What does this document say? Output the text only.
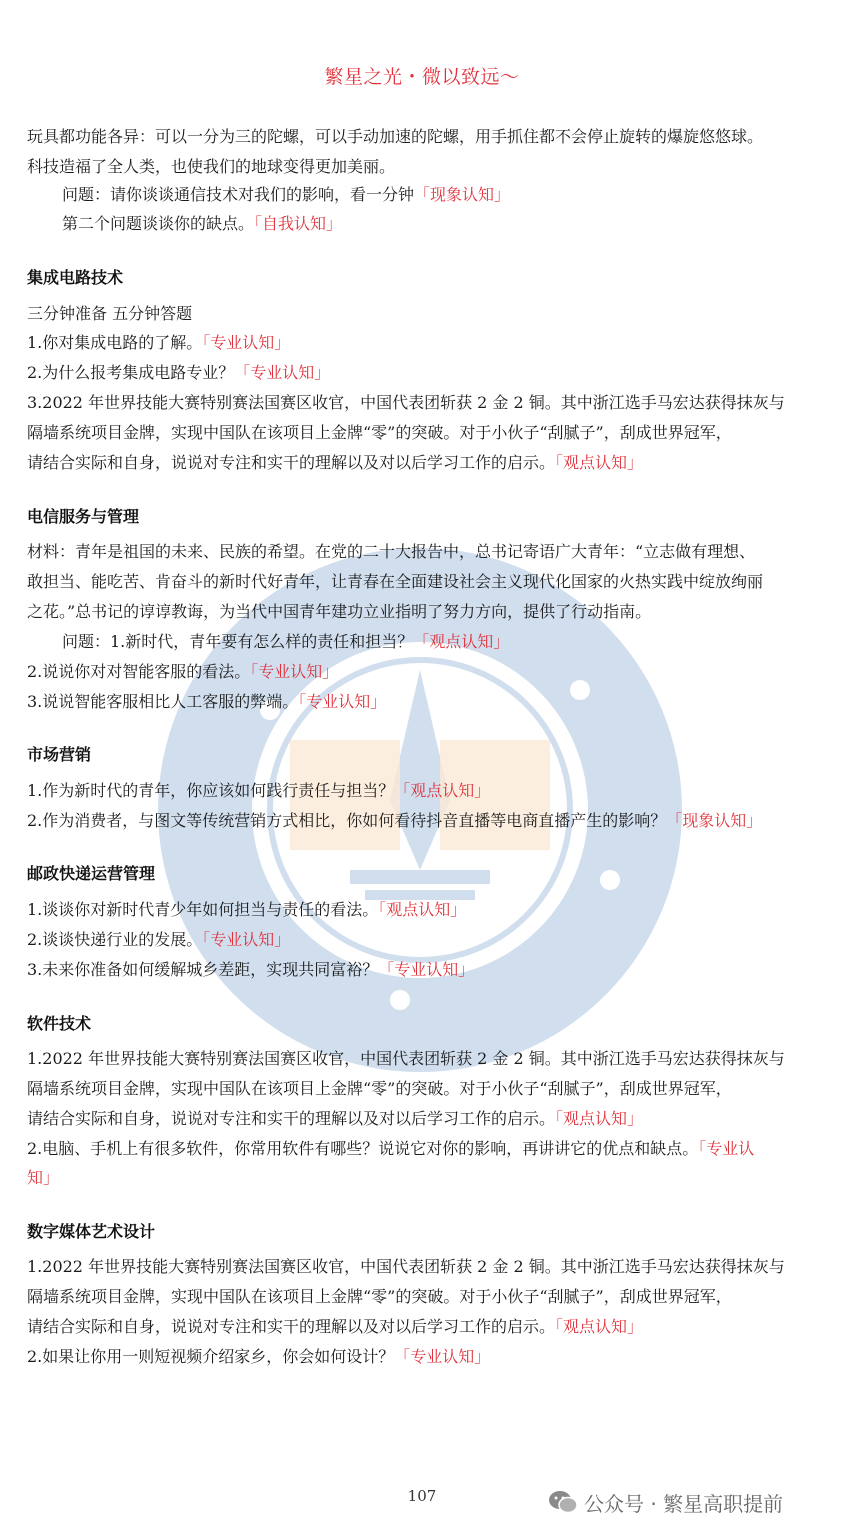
繁星之光・微以致远～
玩具都功能各异：可以一分为三的陀螺，可以手动加速的陀螺，用手抓住都不会停止旋转的爆旋悠悠球。
科技造福了全人类，也使我们的地球变得更加美丽。
问题：请你谈谈通信技术对我们的影响，看一分钟「现象认知」
第二个问题谈谈你的缺点。「自我认知」
集成电路技术
三分钟准备 五分钟答题
1.你对集成电路的了解。「专业认知」
2.为什么报考集成电路专业？「专业认知」
3.2022 年世界技能大赛特别赛法国赛区收官，中国代表团斩获 2 金 2 铜。其中浙江选手马宏达获得抹灰与
隔墙系统项目金牌，实现中国队在该项目上金牌“零”的突破。对于小伙子“刮腻子”，刮成世界冠军，
请结合实际和自身，说说对专注和实干的理解以及对以后学习工作的启示。「观点认知」
电信服务与管理
材料：青年是祖国的未来、民族的希望。在党的二十大报告中，总书记寄语广大青年：“立志做有理想、
敢担当、能吃苦、肯奋斗的新时代好青年，让青春在全面建设社会主义现代化国家的火热实践中绽放绚丽
之花。”总书记的谆谆教诲，为当代中国青年建功立业指明了努力方向，提供了行动指南。
问题：1.新时代，青年要有怎么样的责任和担当？「观点认知」
2.说说你对对智能客服的看法。「专业认知」
3.说说智能客服相比人工客服的弊端。「专业认知」
市场营销
1.作为新时代的青年，你应该如何践行责任与担当？「观点认知」
2.作为消费者，与图文等传统营销方式相比，你如何看待抖音直播等电商直播产生的影响？「现象认知」
邮政快递运营管理
1.谈谈你对新时代青少年如何担当与责任的看法。「观点认知」
2.谈谈快递行业的发展。「专业认知」
3.未来你准备如何缓解城乡差距，实现共同富裕？「专业认知」
软件技术
1.2022 年世界技能大赛特别赛法国赛区收官，中国代表团斩获 2 金 2 铜。其中浙江选手马宏达获得抹灰与
隔墙系统项目金牌，实现中国队在该项目上金牌“零”的突破。对于小伙子“刮腻子”，刮成世界冠军，
请结合实际和自身，说说对专注和实干的理解以及对以后学习工作的启示。「观点认知」
2.电脑、手机上有很多软件，你常用软件有哪些？说说它对你的影响，再讲讲它的优点和缺点。「专业认
知」
数字媒体艺术设计
1.2022 年世界技能大赛特别赛法国赛区收官，中国代表团斩获 2 金 2 铜。其中浙江选手马宏达获得抹灰与
隔墙系统项目金牌，实现中国队在该项目上金牌“零”的突破。对于小伙子“刮腻子”，刮成世界冠军，
请结合实际和自身，说说对专注和实干的理解以及对以后学习工作的启示。「观点认知」
2.如果让你用一则短视频介绍家乡，你会如何设计？「专业认知」
107	公众号 · 繁星高职提前
